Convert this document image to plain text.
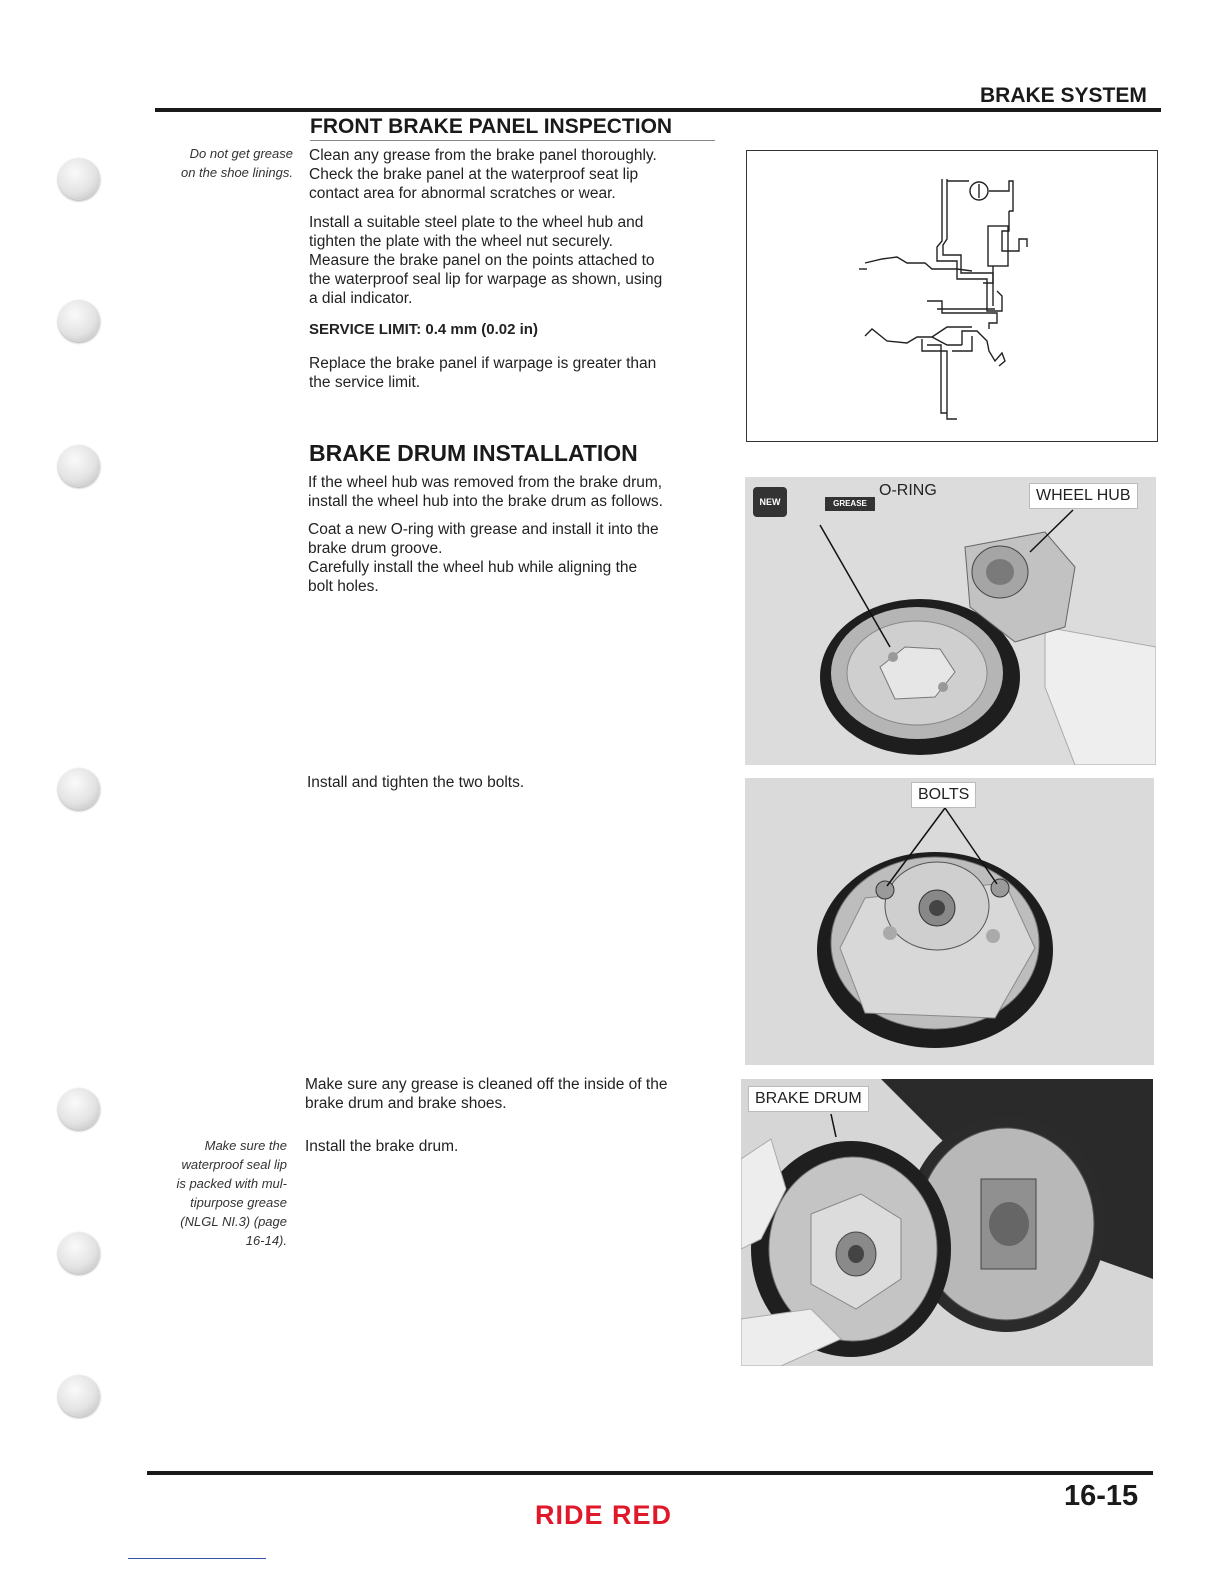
BRAKE SYSTEM
FRONT BRAKE PANEL INSPECTION
Do not get grease
on the shoe linings.
Clean any grease from the brake panel thoroughly.
Check the brake panel at the waterproof seat lip
contact area for abnormal scratches or wear.
Install a suitable steel plate to the wheel hub and
tighten the plate with the wheel nut securely.
Measure the brake panel on the points attached to
the waterproof seal lip for warpage as shown, using
a dial indicator.
SERVICE LIMIT: 0.4 mm (0.02 in)
Replace the brake panel if warpage is greater than
the service limit.
BRAKE DRUM INSTALLATION
If the wheel hub was removed from the brake drum,
install the wheel hub into the brake drum as follows.
Coat a new O-ring with grease and install it into the
brake drum groove.
Carefully install the wheel hub while aligning the
bolt holes.
Install and tighten the two bolts.
Make sure any grease is cleaned off the inside of the
brake drum and brake shoes.
Install the brake drum.
Make sure the
waterproof seal lip
is packed with mul-
tipurpose grease
(NLGL NI.3) (page
16-14).
NEW	GREASE
O-RING	WHEEL HUB
BOLTS
BRAKE DRUM
16-15
RIDE RED
